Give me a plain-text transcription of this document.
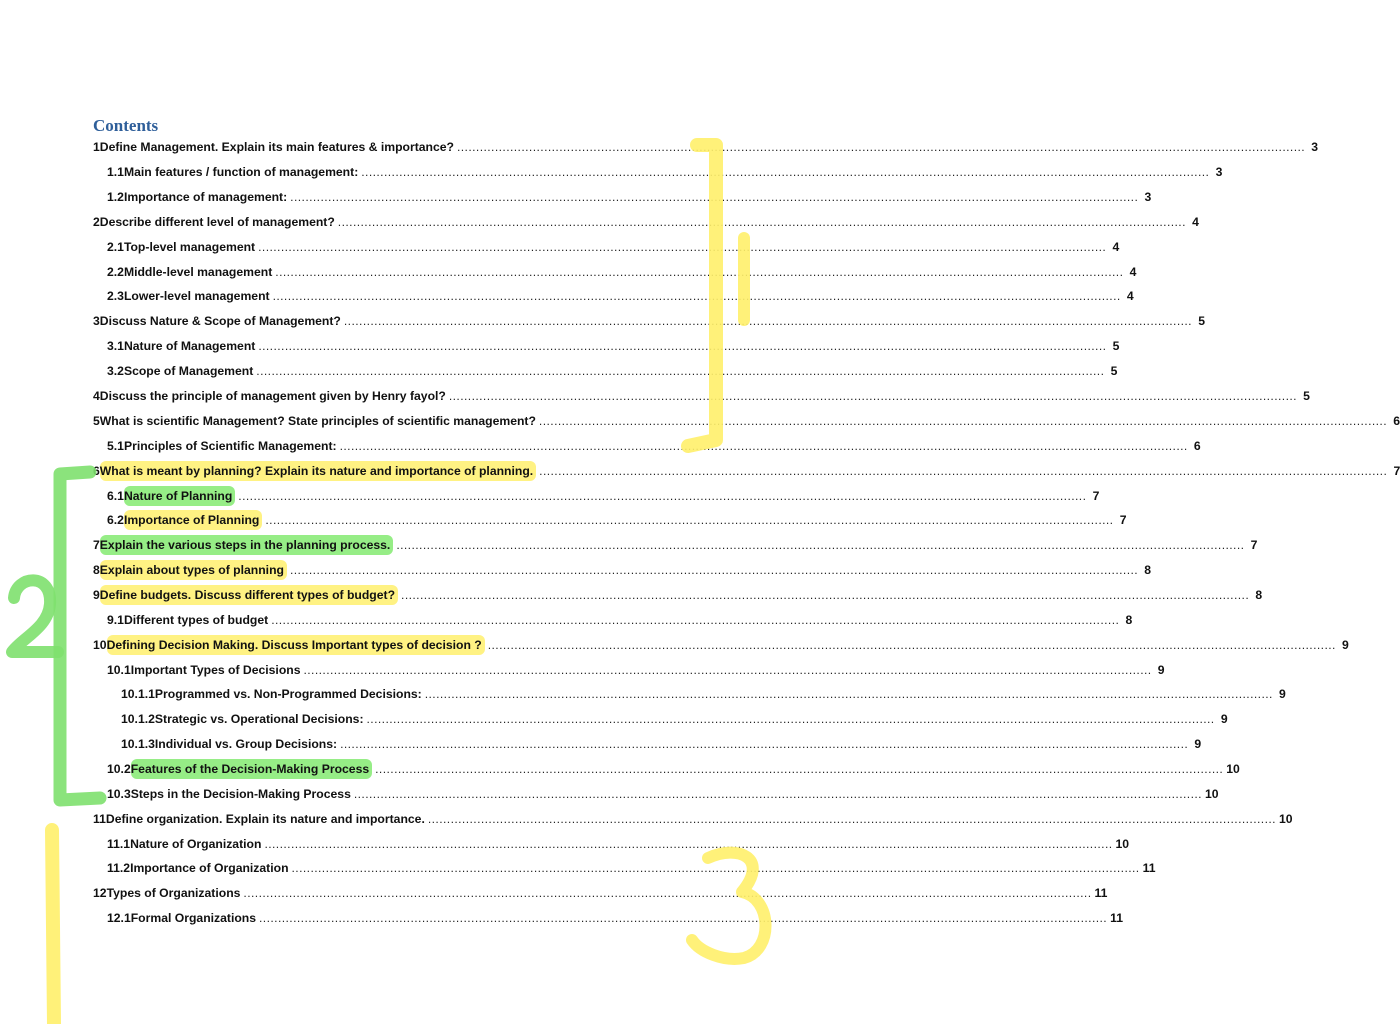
Contents
1 Define Management. Explain its main features & importance? ................................................................................................................................................................................................................................ 3
1.1 Main features / function of management: ................................................................................................................................................................................................................................ 3
1.2 Importance of management: ................................................................................................................................................................................................................................ 3
2 Describe different level of management? ................................................................................................................................................................................................................................ 4
2.1 Top-level management ................................................................................................................................................................................................................................ 4
2.2 Middle-level management ................................................................................................................................................................................................................................ 4
2.3 Lower-level management ................................................................................................................................................................................................................................ 4
3 Discuss Nature & Scope of Management? ................................................................................................................................................................................................................................ 5
3.1 Nature of Management ................................................................................................................................................................................................................................ 5
3.2 Scope of Management ................................................................................................................................................................................................................................ 5
4 Discuss the principle of management given by Henry fayol? ................................................................................................................................................................................................................................ 5
5 What is scientific Management? State principles of scientific management? ................................................................................................................................................................................................................................ 6
5.1 Principles of Scientific Management: ................................................................................................................................................................................................................................ 6
6 What is meant by planning? Explain its nature and importance of planning. ................................................................................................................................................................................................................................ 7
6.1 Nature of Planning ................................................................................................................................................................................................................................ 7
6.2 Importance of Planning ................................................................................................................................................................................................................................ 7
7 Explain the various steps in the planning process. ................................................................................................................................................................................................................................ 7
8 Explain about types of planning ................................................................................................................................................................................................................................ 8
9 Define budgets. Discuss different types of budget? ................................................................................................................................................................................................................................ 8
9.1 Different types of budget ................................................................................................................................................................................................................................ 8
10 Defining Decision Making. Discuss Important types of decision ? ................................................................................................................................................................................................................................ 9
10.1 Important Types of Decisions ................................................................................................................................................................................................................................ 9
10.1.1 Programmed vs. Non-Programmed Decisions: ................................................................................................................................................................................................................................ 9
10.1.2 Strategic vs. Operational Decisions: ................................................................................................................................................................................................................................ 9
10.1.3 Individual vs. Group Decisions: ................................................................................................................................................................................................................................ 9
10.2 Features of the Decision-Making Process ................................................................................................................................................................................................................................ 10
10.3 Steps in the Decision-Making Process ................................................................................................................................................................................................................................ 10
11 Define organization. Explain its nature and importance. ................................................................................................................................................................................................................................ 10
11.1 Nature of Organization ................................................................................................................................................................................................................................ 10
11.2 Importance of Organization ................................................................................................................................................................................................................................ 11
12 Types of Organizations ................................................................................................................................................................................................................................ 11
12.1 Formal Organizations ................................................................................................................................................................................................................................ 11
